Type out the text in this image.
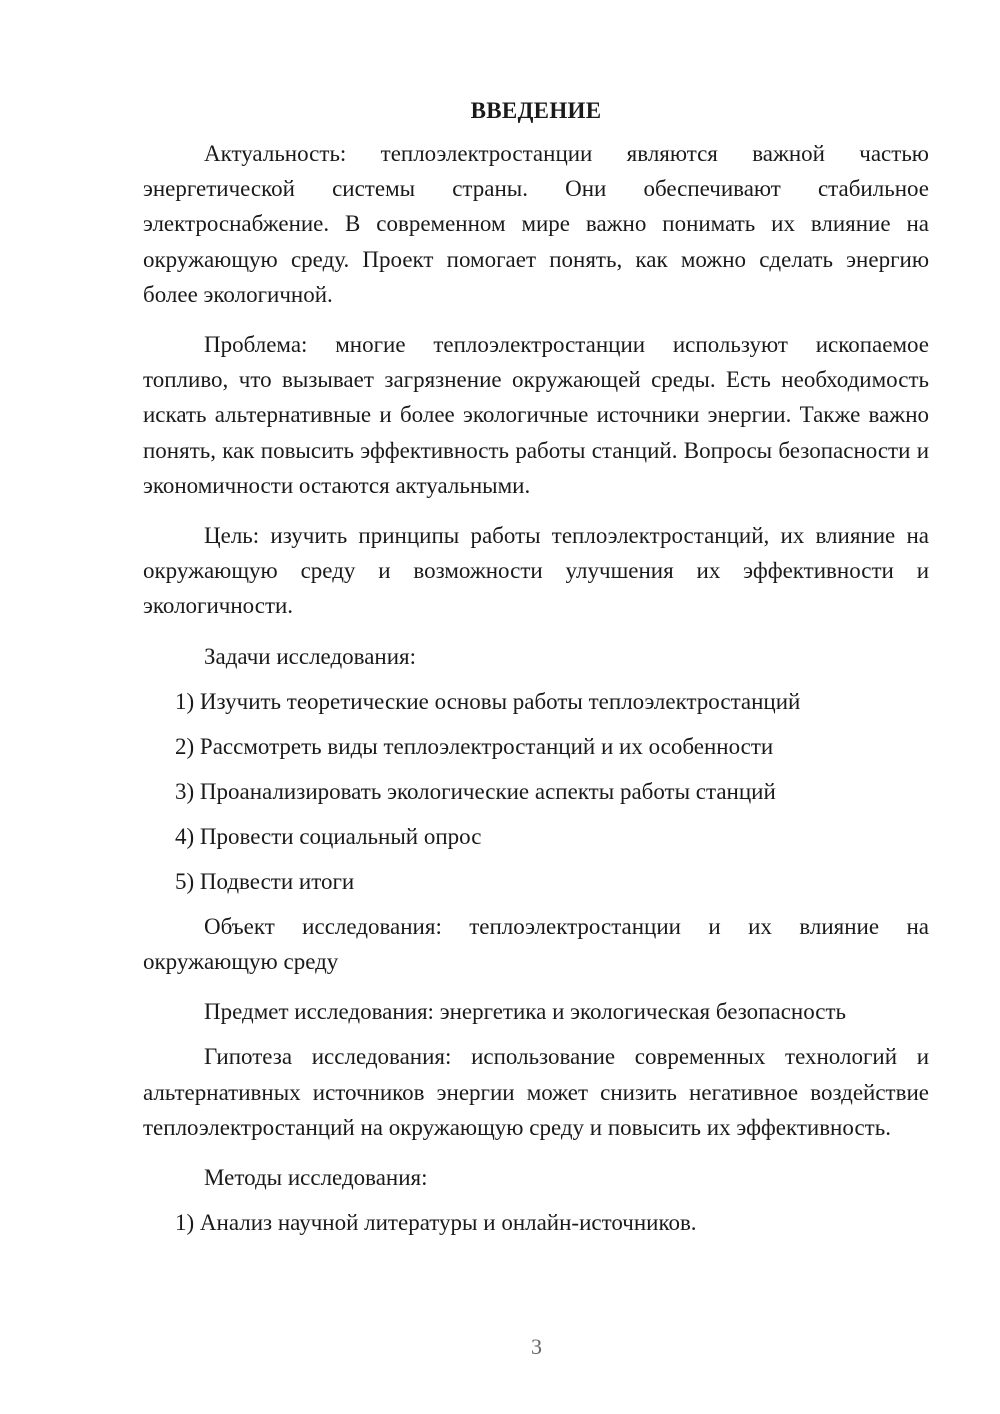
ВВЕДЕНИЕ

Актуальность: теплоэлектростанции являются важной частью энергетической системы страны. Они обеспечивают стабильное электроснабжение. В современном мире важно понимать их влияние на окружающую среду. Проект помогает понять, как можно сделать энергию более экологичной.

Проблема: многие теплоэлектростанции используют ископаемое топливо, что вызывает загрязнение окружающей среды. Есть необходимость искать альтернативные и более экологичные источники энергии. Также важно понять, как повысить эффективность работы станций. Вопросы безопасности и экономичности остаются актуальными.

Цель: изучить принципы работы теплоэлектростанций, их влияние на окружающую среду и возможности улучшения их эффективности и экологичности.

Задачи исследования:

1) Изучить теоретические основы работы теплоэлектростанций
2) Рассмотреть виды теплоэлектростанций и их особенности
3) Проанализировать экологические аспекты работы станций
4) Провести социальный опрос
5) Подвести итоги

Объект исследования: теплоэлектростанции и их влияние на окружающую среду

Предмет исследования: энергетика и экологическая безопасность

Гипотеза исследования: использование современных технологий и альтернативных источников энергии может снизить негативное воздействие теплоэлектростанций на окружающую среду и повысить их эффективность.

Методы исследования:

1) Анализ научной литературы и онлайн-источников.
3
